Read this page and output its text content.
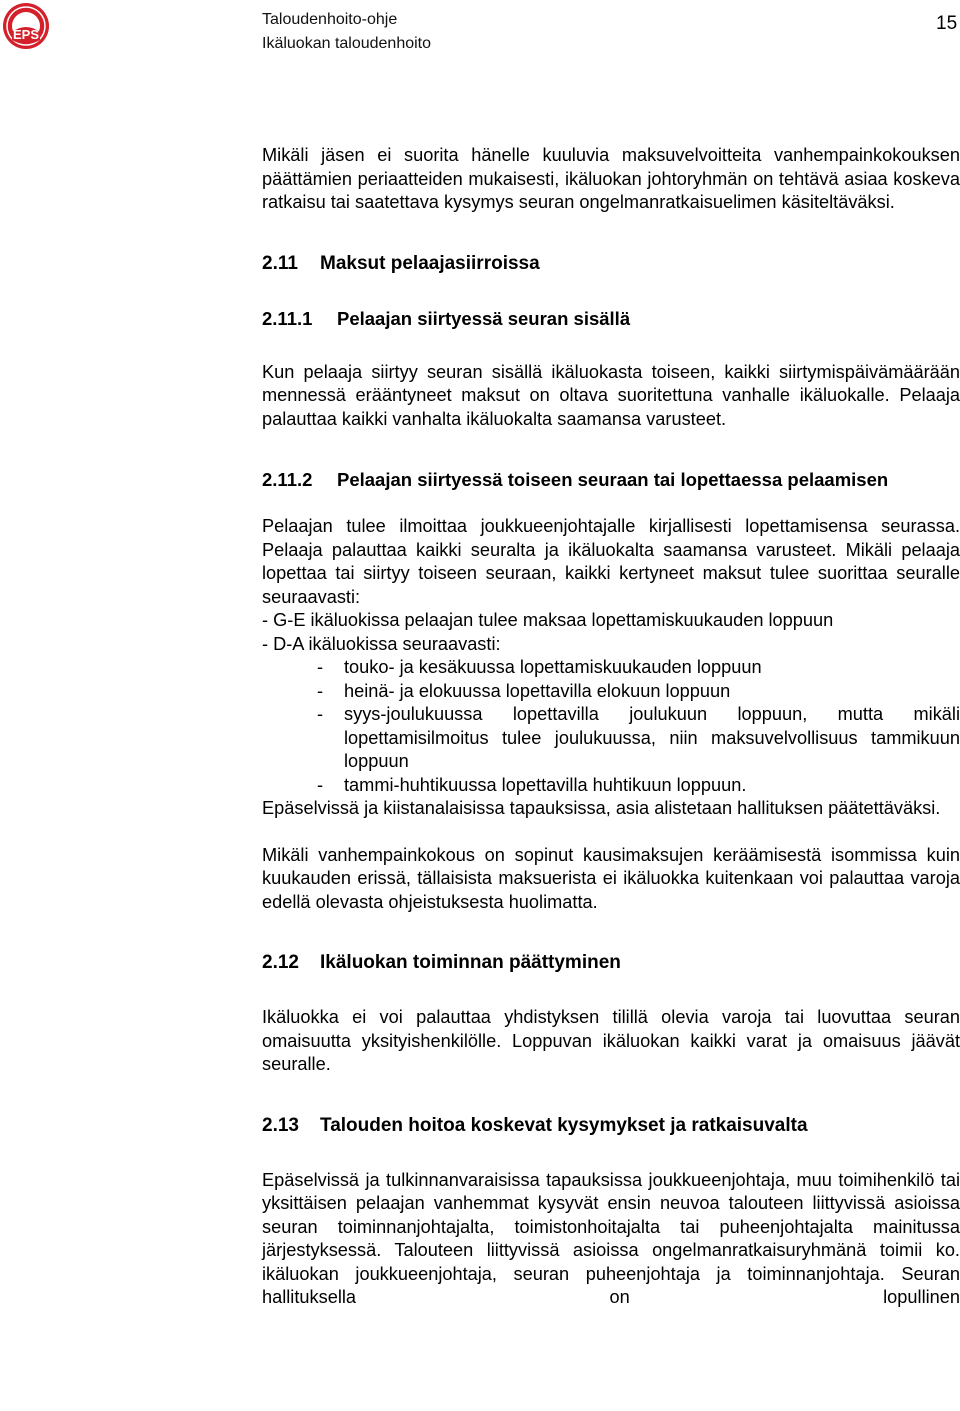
EPS
Taloudenhoito-ohje
Ikäluokan taloudenhoito
15

Mikäli jäsen ei suorita hänelle kuuluvia maksuvelvoitteita vanhempainkokouksen päättämien periaatteiden mukaisesti, ikäluokan johtoryhmän on tehtävä asiaa koskeva ratkaisu tai saatettava kysymys seuran ongelmanratkaisuelimen käsiteltäväksi.

2.11	Maksut pelaajasiirroissa
2.11.1	Pelaajan siirtyessä seuran sisällä

Kun pelaaja siirtyy seuran sisällä ikäluokasta toiseen, kaikki siirtymispäivämäärään mennessä erääntyneet maksut on oltava suoritettuna vanhalle ikäluokalle. Pelaaja palauttaa kaikki vanhalta ikäluokalta saamansa varusteet.

2.11.2	Pelaajan siirtyessä toiseen seuraan tai lopettaessa pelaamisen

Pelaajan tulee ilmoittaa joukkueenjohtajalle kirjallisesti lopettamisensa seurassa. Pelaaja palauttaa kaikki seuralta ja ikäluokalta saamansa varusteet. Mikäli pelaaja lopettaa tai siirtyy toiseen seuraan, kaikki kertyneet maksut tulee suorittaa seuralle seuraavasti:

- G-E ikäluokissa pelaajan tulee maksaa lopettamiskuukauden loppuun

- D-A ikäluokissa seuraavasti:

- touko- ja kesäkuussa lopettamiskuukauden loppuun
- heinä- ja elokuussa lopettavilla elokuun loppuun
- syys-joulukuussa lopettavilla joulukuun loppuun, mutta mikäli lopettamisilmoitus tulee joulukuussa, niin maksuvelvollisuus tammikuun loppuun
- tammi-huhtikuussa lopettavilla huhtikuun loppuun.

Epäselvissä ja kiistanalaisissa tapauksissa, asia alistetaan hallituksen päätettäväksi.

Mikäli vanhempainkokous on sopinut kausimaksujen keräämisestä isommissa kuin kuukauden erissä, tällaisista maksuerista ei ikäluokka kuitenkaan voi palauttaa varoja edellä olevasta ohjeistuksesta huolimatta.

2.12	Ikäluokan toiminnan päättyminen

Ikäluokka ei voi palauttaa yhdistyksen tilillä olevia varoja tai luovuttaa seuran omaisuutta yksityishenkilölle. Loppuvan ikäluokan kaikki varat ja omaisuus jäävät seuralle.

2.13	Talouden hoitoa koskevat kysymykset ja ratkaisuvalta

Epäselvissä ja tulkinnanvaraisissa tapauksissa joukkueenjohtaja, muu toimihenkilö tai yksittäisen pelaajan vanhemmat kysyvät ensin neuvoa talouteen liittyvissä asioissa seuran toiminnanjohtajalta, toimistonhoitajalta tai puheenjohtajalta mainitussa järjestyksessä. Talouteen liittyvissä asioissa ongelmanratkaisuryhmänä toimii ko. ikäluokan joukkueenjohtaja, seuran puheenjohtaja ja toiminnanjohtaja. Seuran hallituksella on lopullinen
